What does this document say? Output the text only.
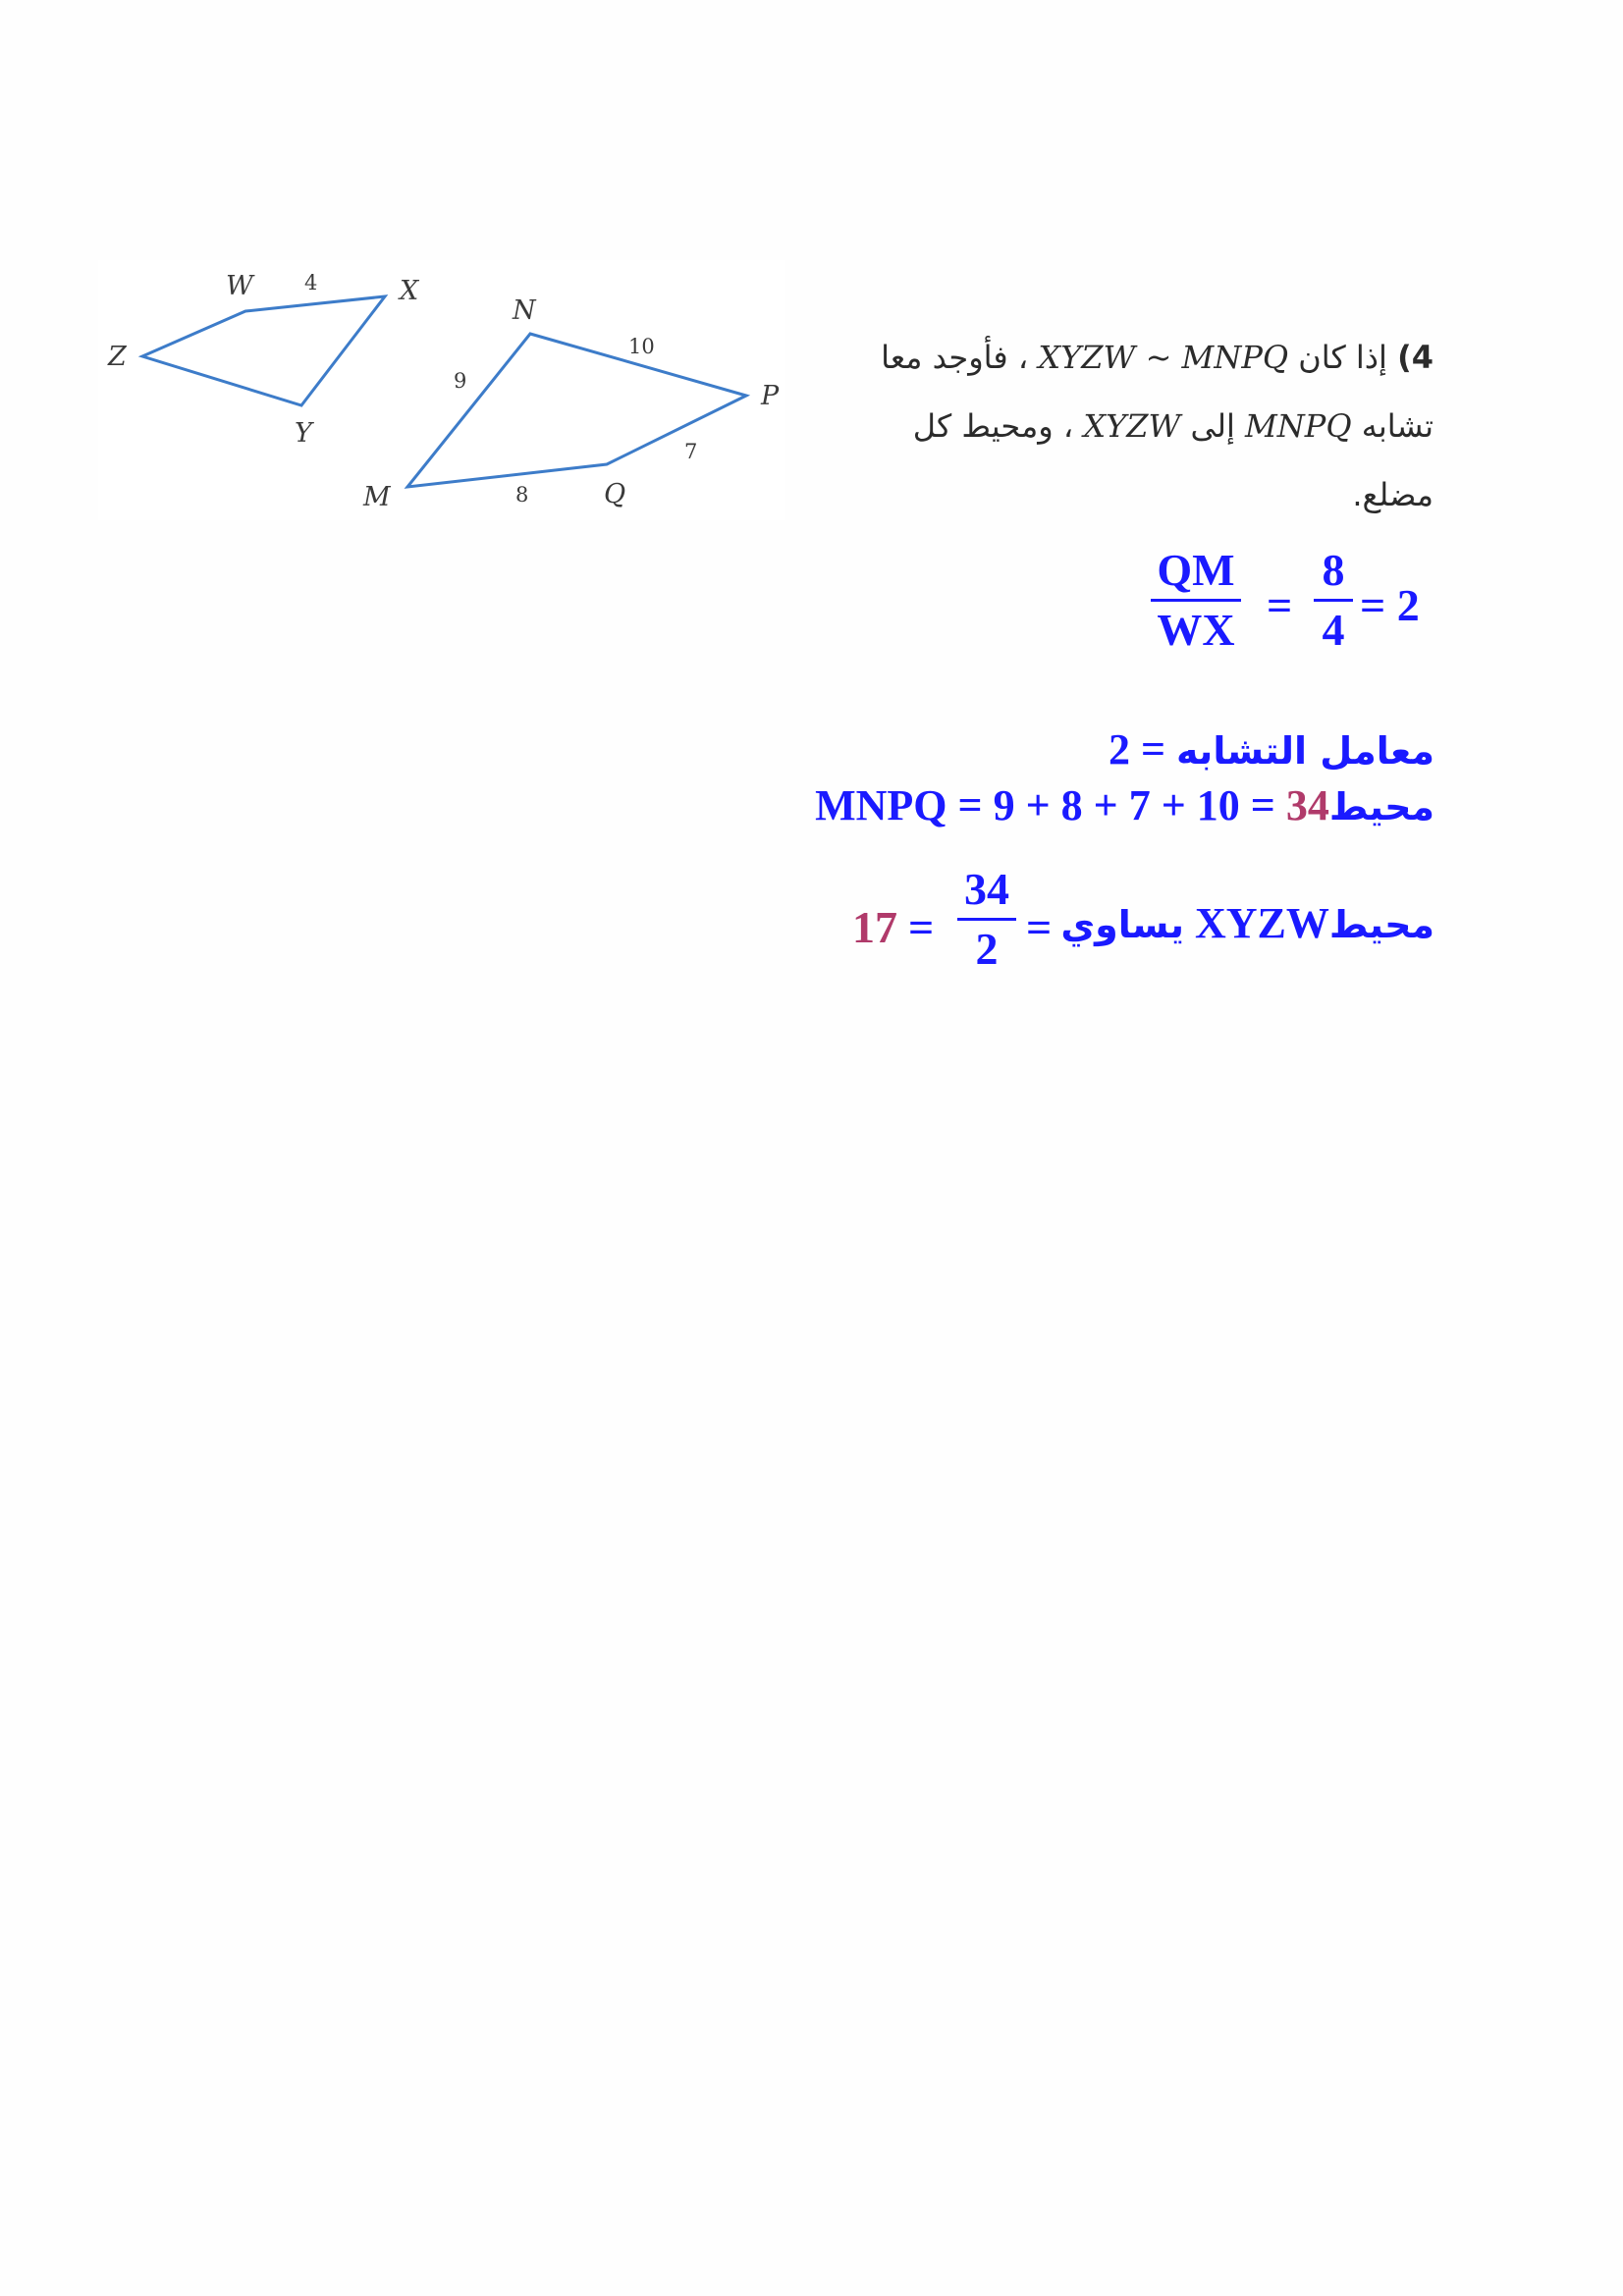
W	X
Y
Z
4
N
P
Q
M
9
10
7
8
4) إذا كان XYZW ~ MNPQ ، فأوجد معا
تشابه MNPQ إلى XYZW ، ومحيط كل
مضلع.
QM
WX =
8
4 = 2
معامل التشابه = 2
محيطMNPQ = 9 + 8 + 7 + 10 = 34
محيطXYZW يساوي
=
34
2
=
17
